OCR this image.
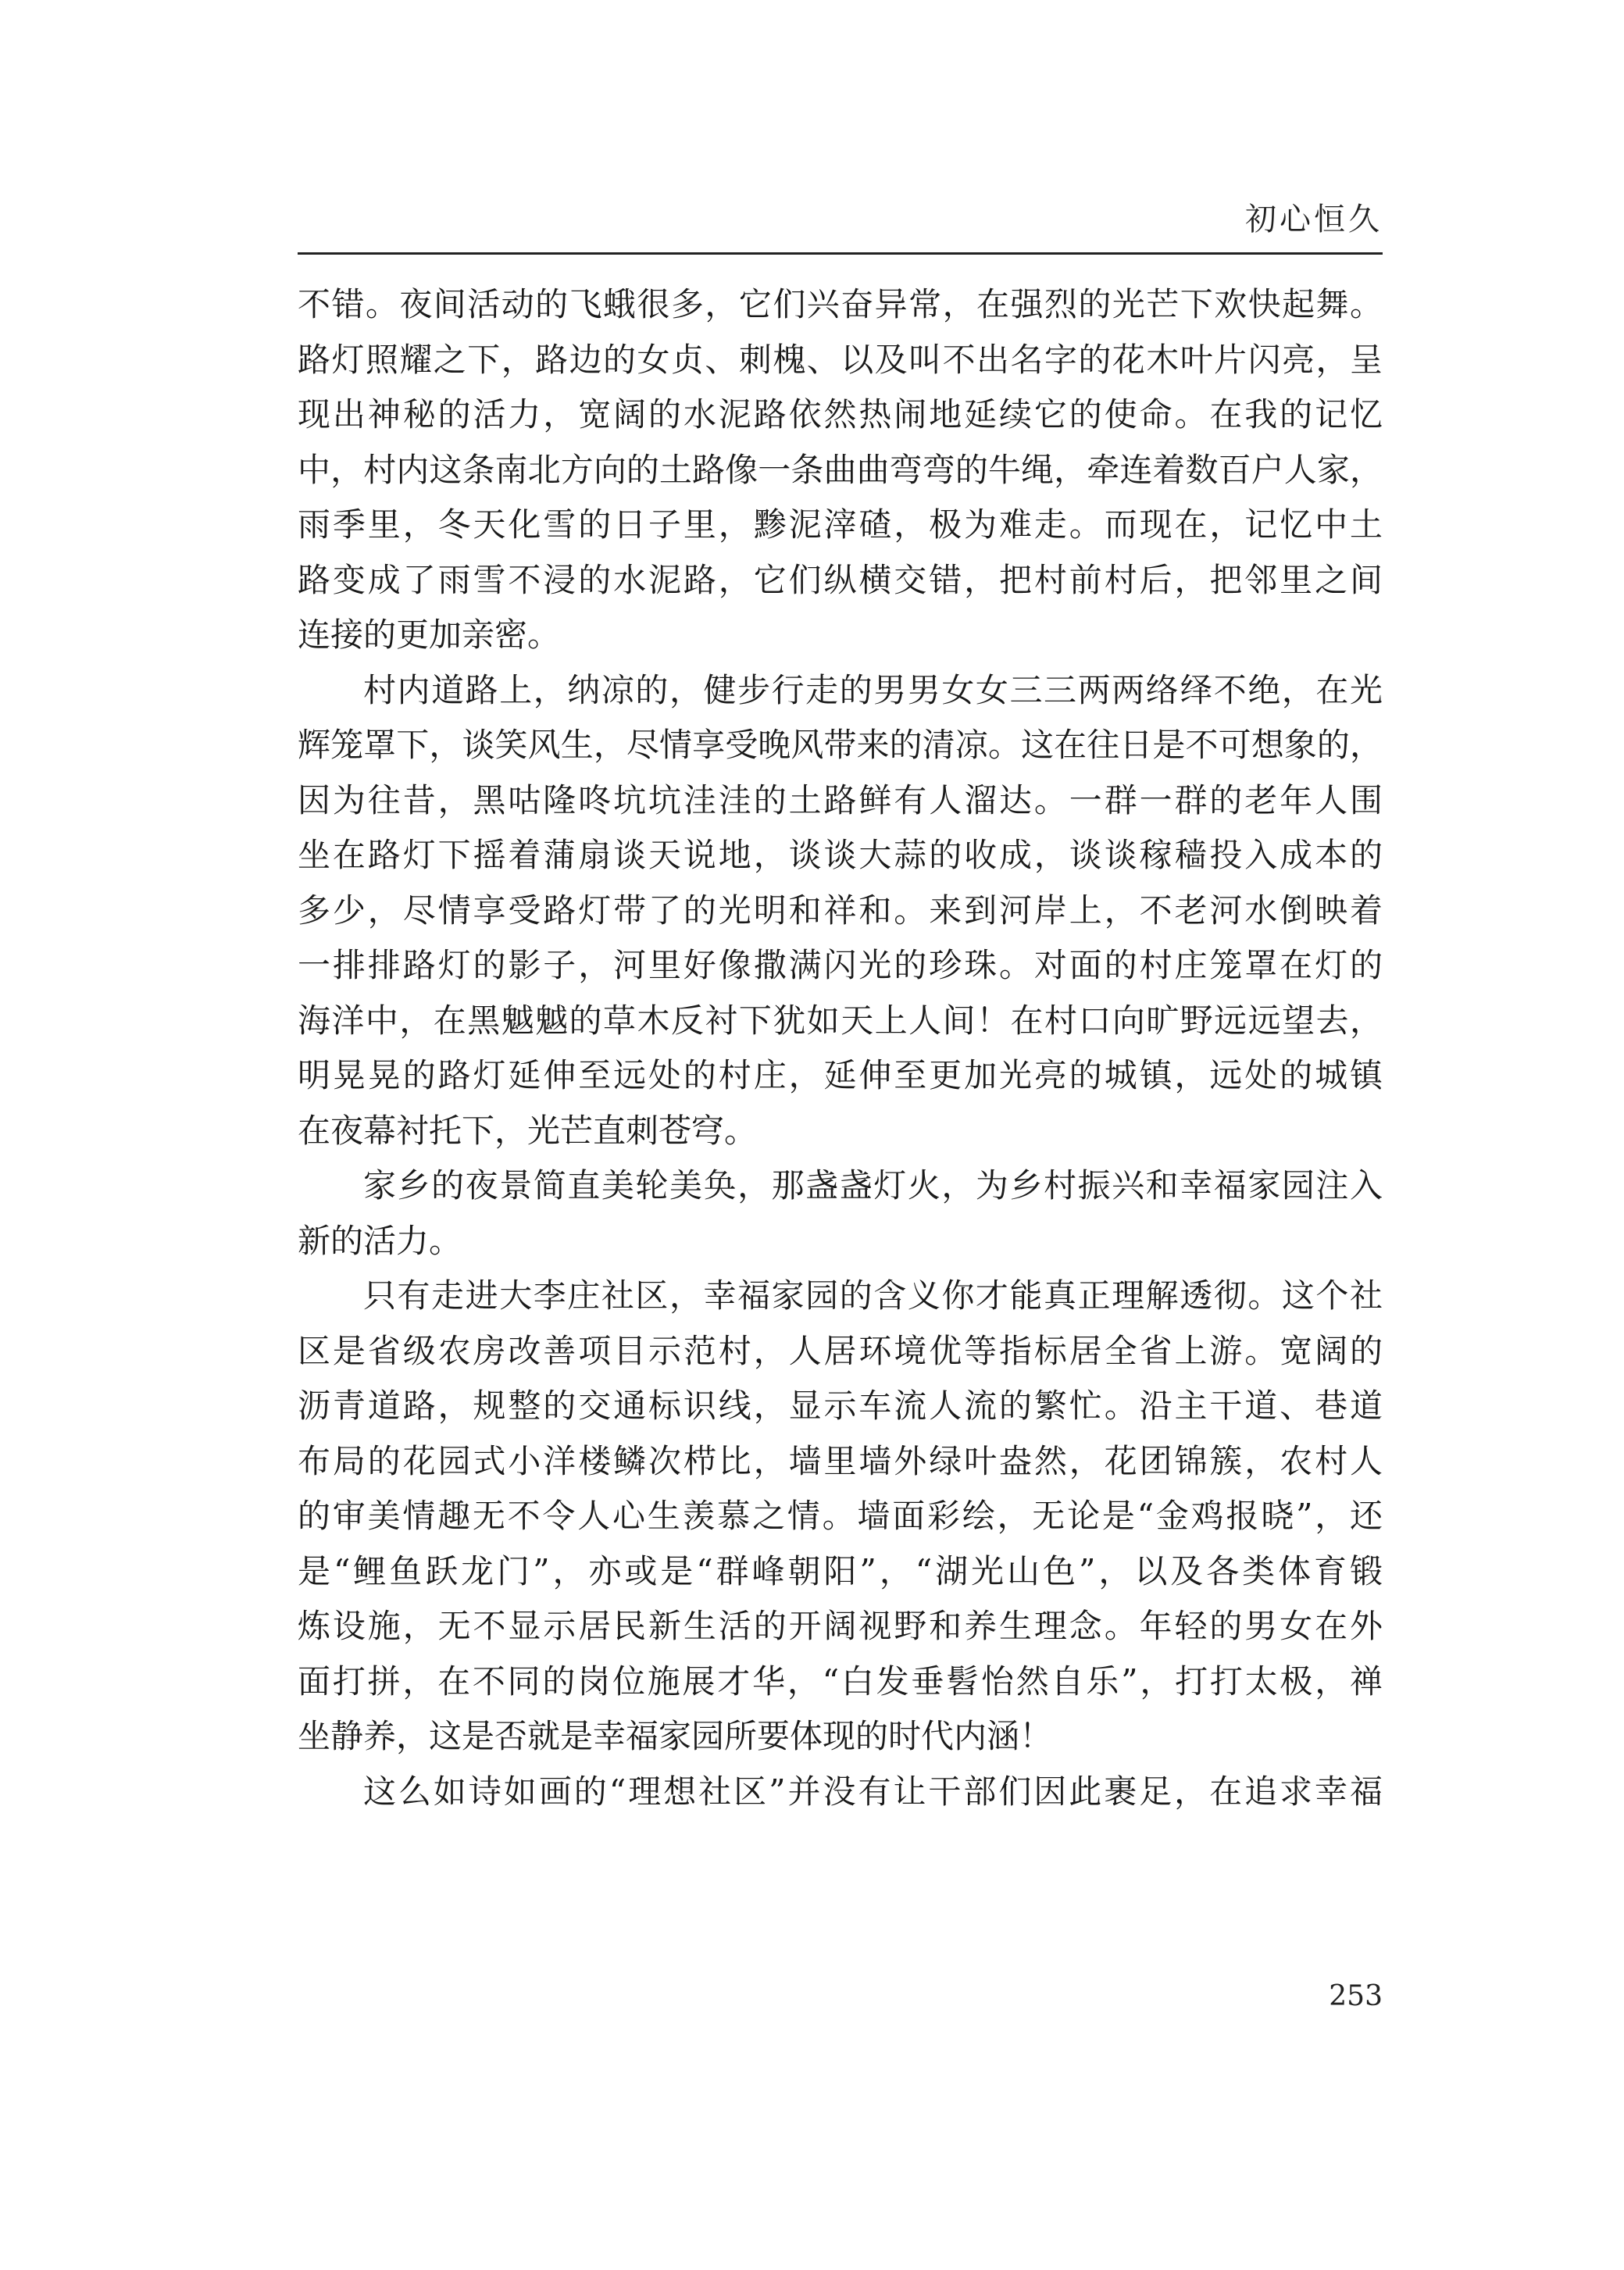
初心恒久
不错。夜间活动的飞蛾很多，它们兴奋异常，在强烈的光芒下欢快起舞。
路灯照耀之下，路边的女贞、刺槐、以及叫不出名字的花木叶片闪亮，呈
现出神秘的活力，宽阔的水泥路依然热闹地延续它的使命。在我的记忆
中，村内这条南北方向的土路像一条曲曲弯弯的牛绳，牵连着数百户人家，
雨季里，冬天化雪的日子里，黪泥滓碴，极为难走。而现在，记忆中土
路变成了雨雪不浸的水泥路，它们纵横交错，把村前村后，把邻里之间
连接的更加亲密。
村内道路上，纳凉的，健步行走的男男女女三三两两络绎不绝，在光
辉笼罩下，谈笑风生，尽情享受晚风带来的清凉。这在往日是不可想象的，
因为往昔，黑咕隆咚坑坑洼洼的土路鲜有人溜达。一群一群的老年人围
坐在路灯下摇着蒲扇谈天说地，谈谈大蒜的收成，谈谈稼穑投入成本的
多少，尽情享受路灯带了的光明和祥和。来到河岸上，不老河水倒映着
一排排路灯的影子，河里好像撒满闪光的珍珠。对面的村庄笼罩在灯的
海洋中，在黑魆魆的草木反衬下犹如天上人间！在村口向旷野远远望去，
明晃晃的路灯延伸至远处的村庄，延伸至更加光亮的城镇，远处的城镇
在夜幕衬托下，光芒直刺苍穹。
家乡的夜景简直美轮美奂，那盏盏灯火，为乡村振兴和幸福家园注入
新的活力。
只有走进大李庄社区，幸福家园的含义你才能真正理解透彻。这个社
区是省级农房改善项目示范村，人居环境优等指标居全省上游。宽阔的
沥青道路，规整的交通标识线，显示车流人流的繁忙。沿主干道、巷道
布局的花园式小洋楼鳞次栉比，墙里墙外绿叶盎然，花团锦簇，农村人
的审美情趣无不令人心生羡慕之情。墙面彩绘，无论是“金鸡报晓”，还
是“鲤鱼跃龙门”，亦或是“群峰朝阳”，“湖光山色”，以及各类体育锻
炼设施，无不显示居民新生活的开阔视野和养生理念。年轻的男女在外
面打拼，在不同的岗位施展才华，“白发垂髫怡然自乐”，打打太极，禅
坐静养，这是否就是幸福家园所要体现的时代内涵！
这么如诗如画的“理想社区”并没有让干部们因此裹足，在追求幸福
253
